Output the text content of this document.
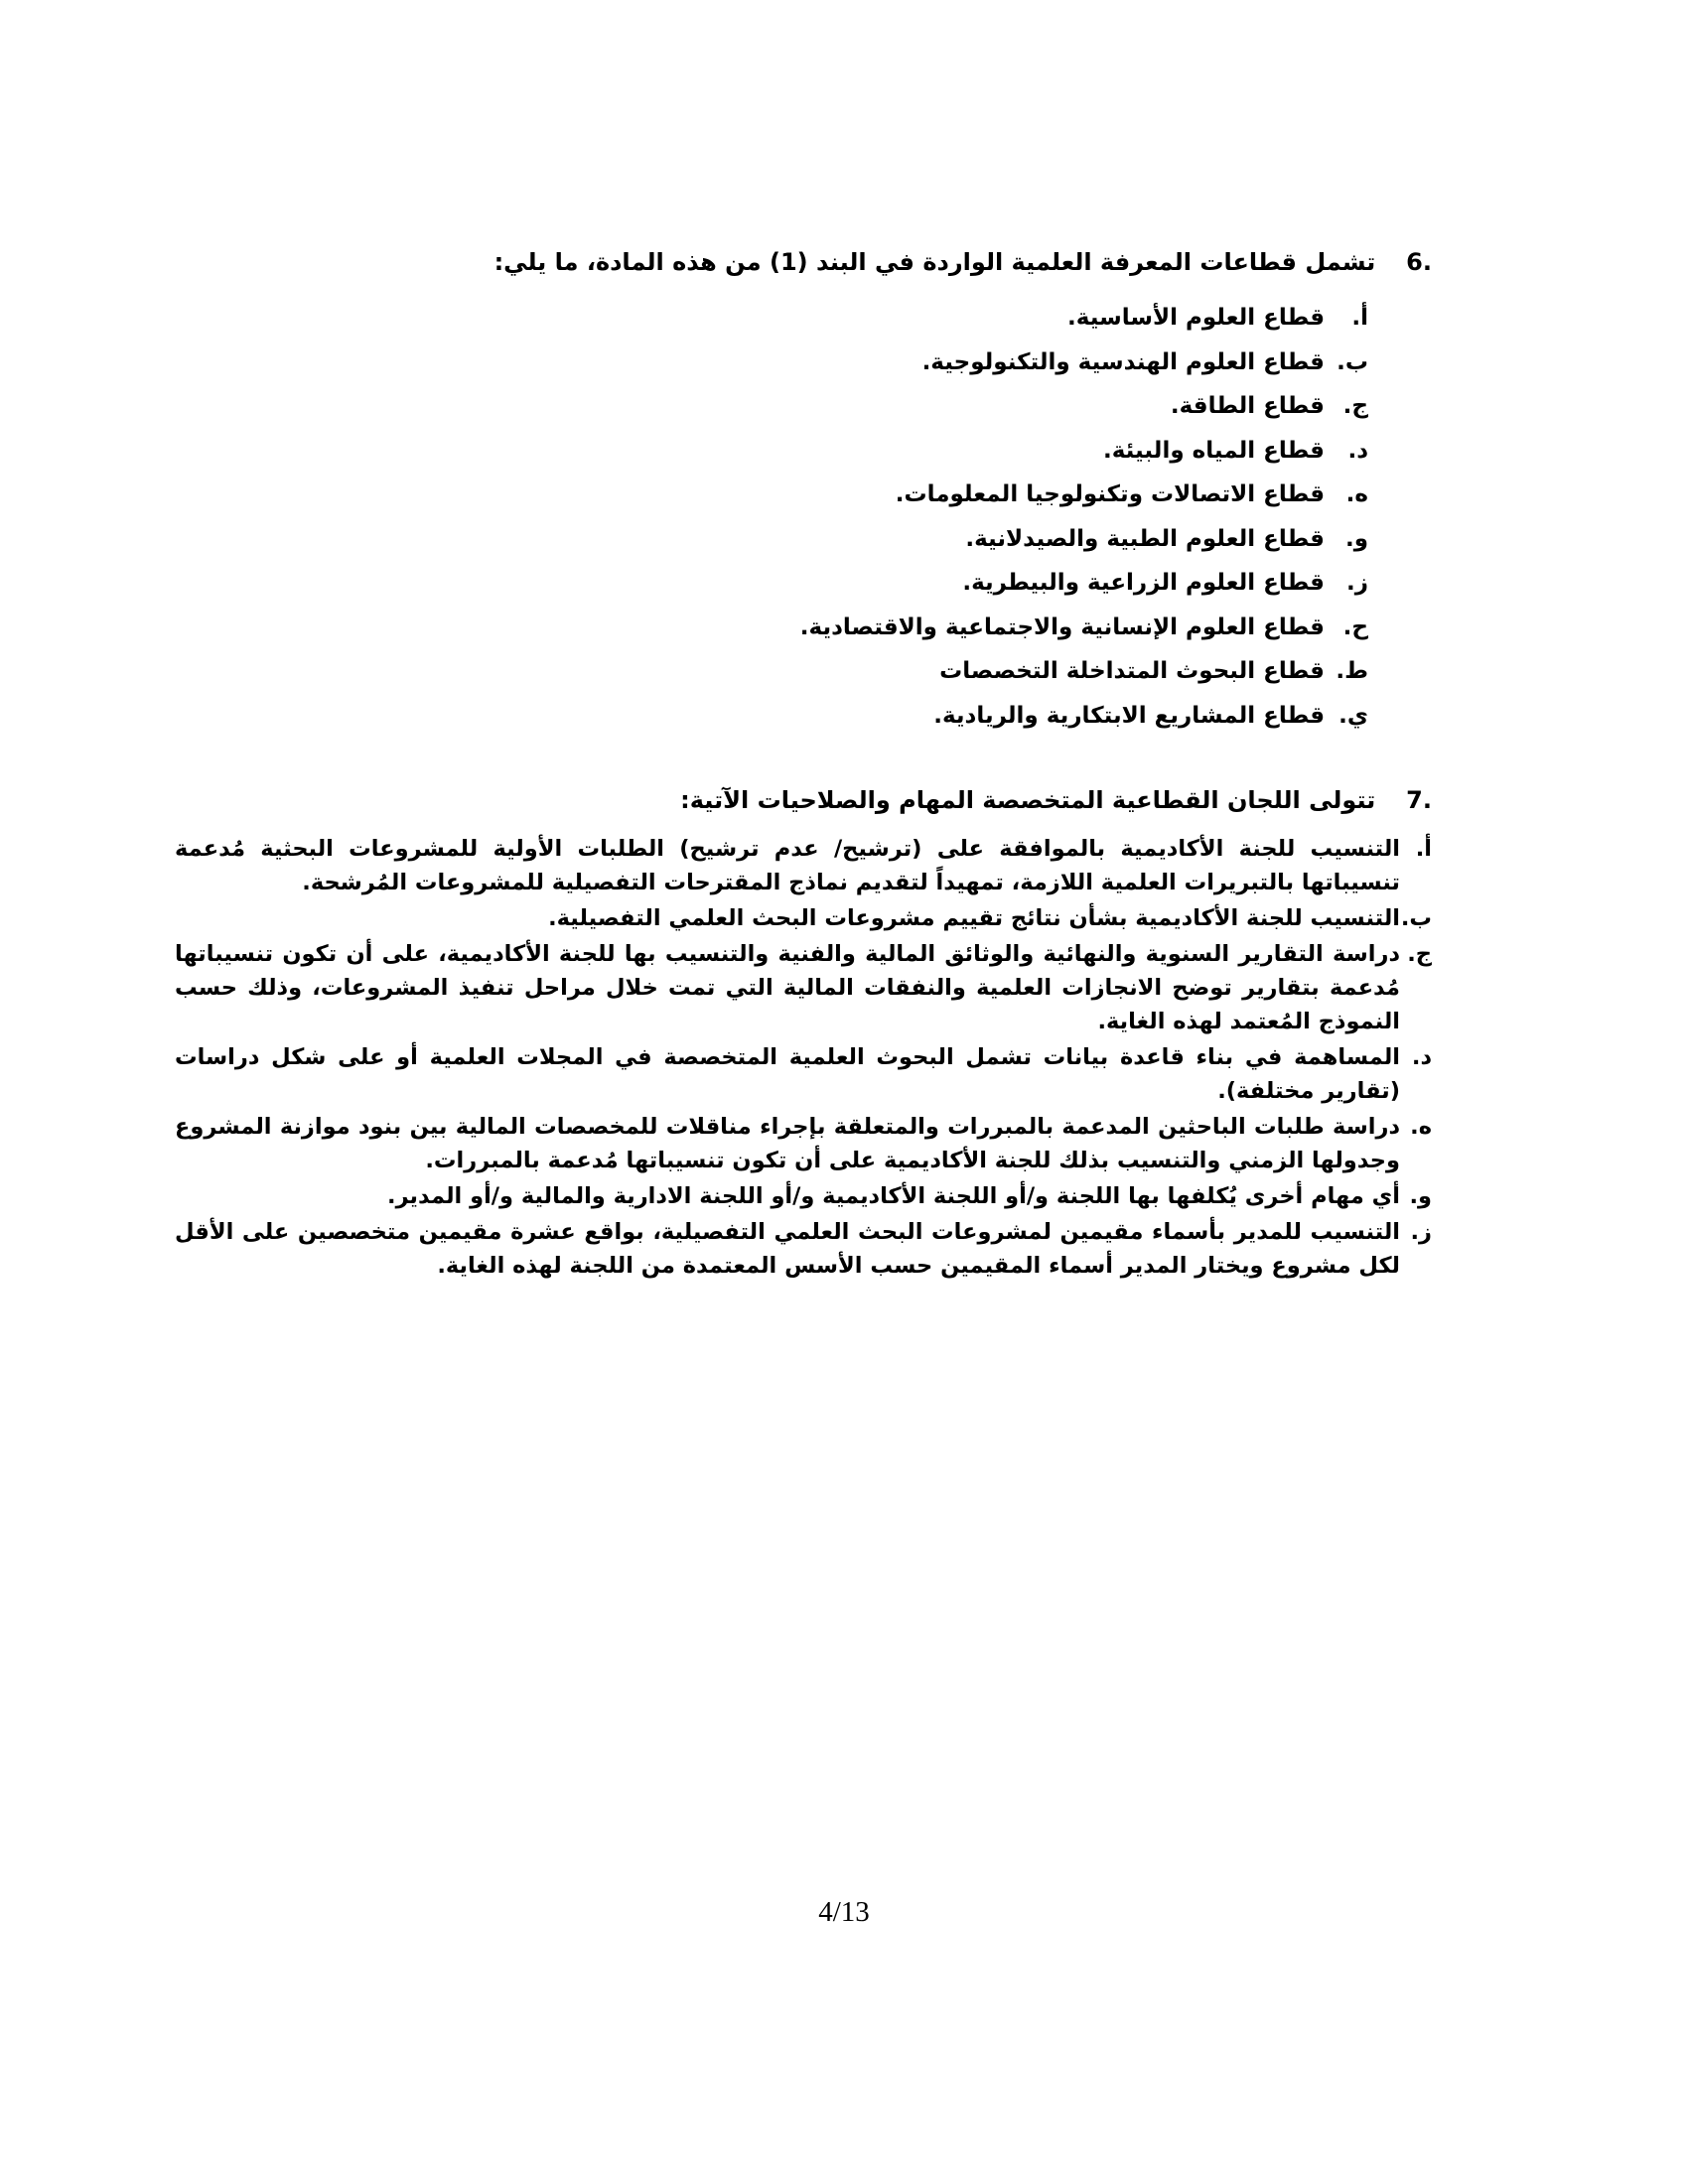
6.  تشمل قطاعات المعرفة العلمية الواردة في البند (1) من هذه المادة، ما يلي:
أ.قطاع العلوم الأساسية.
ب.قطاع العلوم الهندسية والتكنولوجية.
ج.قطاع الطاقة.
د.قطاع المياه والبيئة.
ه.قطاع الاتصالات وتكنولوجيا المعلومات.
و.قطاع العلوم الطبية والصيدلانية.
ز.قطاع العلوم الزراعية والبيطرية.
ح.قطاع العلوم الإنسانية والاجتماعية والاقتصادية.
ط.قطاع البحوث المتداخلة التخصصات
ي.قطاع المشاريع الابتكارية والريادية.
7.  تتولى اللجان القطاعية المتخصصة المهام والصلاحيات الآتية:
أ.
التنسيب للجنة الأكاديمية بالموافقة على (ترشيح/ عدم ترشيح) الطلبات الأولية للمشروعات البحثية مُدعمة تنسيباتها بالتبريرات العلمية اللازمة، تمهيداً لتقديم نماذج المقترحات التفصيلية للمشروعات المُرشحة.
ب.
التنسيب للجنة الأكاديمية بشأن نتائج تقييم مشروعات البحث العلمي التفصيلية.
ج.
دراسة التقارير السنوية والنهائية والوثائق المالية والفنية والتنسيب بها للجنة الأكاديمية، على أن تكون تنسيباتها مُدعمة بتقارير توضح الانجازات العلمية والنفقات المالية التي تمت خلال مراحل تنفيذ المشروعات، وذلك حسب النموذج المُعتمد لهذه الغاية.
د.
المساهمة في بناء قاعدة بيانات تشمل البحوث العلمية المتخصصة في المجلات العلمية أو على شكل دراسات (تقارير مختلفة).
ه.
دراسة طلبات الباحثين المدعمة بالمبررات والمتعلقة بإجراء مناقلات للمخصصات المالية بين بنود موازنة المشروع وجدولها الزمني والتنسيب بذلك للجنة الأكاديمية على أن تكون تنسيباتها مُدعمة بالمبررات.
و.
أي مهام أخرى يُكلفها بها اللجنة و/أو اللجنة الأكاديمية و/أو اللجنة الادارية والمالية و/أو المدير.
ز.
التنسيب للمدير بأسماء مقيمين لمشروعات البحث العلمي التفصيلية، بواقع عشرة مقيمين متخصصين على الأقل لكل مشروع ويختار المدير أسماء المقيمين حسب الأسس المعتمدة من اللجنة لهذه الغاية.
4/13
